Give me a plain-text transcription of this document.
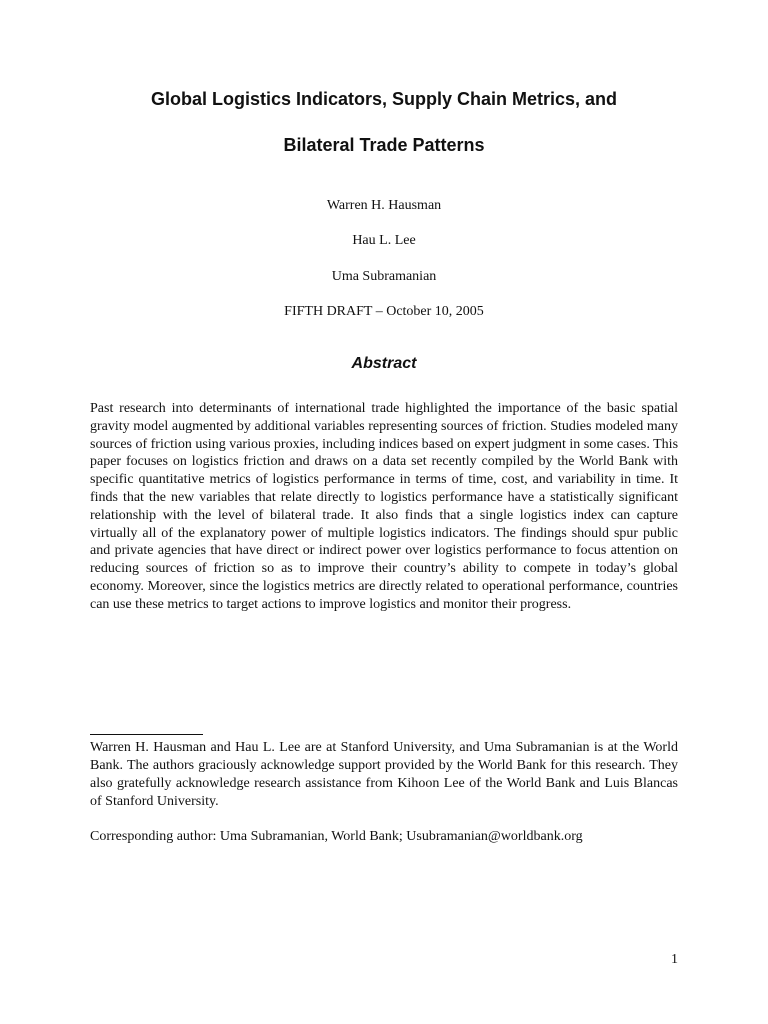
Global Logistics Indicators, Supply Chain Metrics, and
Bilateral Trade Patterns
Warren H. Hausman
Hau L. Lee
Uma Subramanian
FIFTH DRAFT – October 10, 2005
Abstract

Past research into determinants of international trade highlighted the importance of the basic spatial gravity model augmented by additional variables representing sources of friction. Studies modeled many sources of friction using various proxies, including indices based on expert judgment in some cases. This paper focuses on logistics friction and draws on a data set recently compiled by the World Bank with specific quantitative metrics of logistics performance in terms of time, cost, and variability in time. It finds that the new variables that relate directly to logistics performance have a statistically significant relationship with the level of bilateral trade. It also finds that a single logistics index can capture virtually all of the explanatory power of multiple logistics indicators. The findings should spur public and private agencies that have direct or indirect power over logistics performance to focus attention on reducing sources of friction so as to improve their country’s ability to compete in today’s global economy. Moreover, since the logistics metrics are directly related to operational performance, countries can use these metrics to target actions to improve logistics and monitor their progress.

Warren H. Hausman and Hau L. Lee are at Stanford University, and Uma Subramanian is at the World Bank. The authors graciously acknowledge support provided by the World Bank for this research. They also gratefully acknowledge research assistance from Kihoon Lee of the World Bank and Luis Blancas of Stanford University.

Corresponding author: Uma Subramanian, World Bank; Usubramanian@worldbank.org

1
